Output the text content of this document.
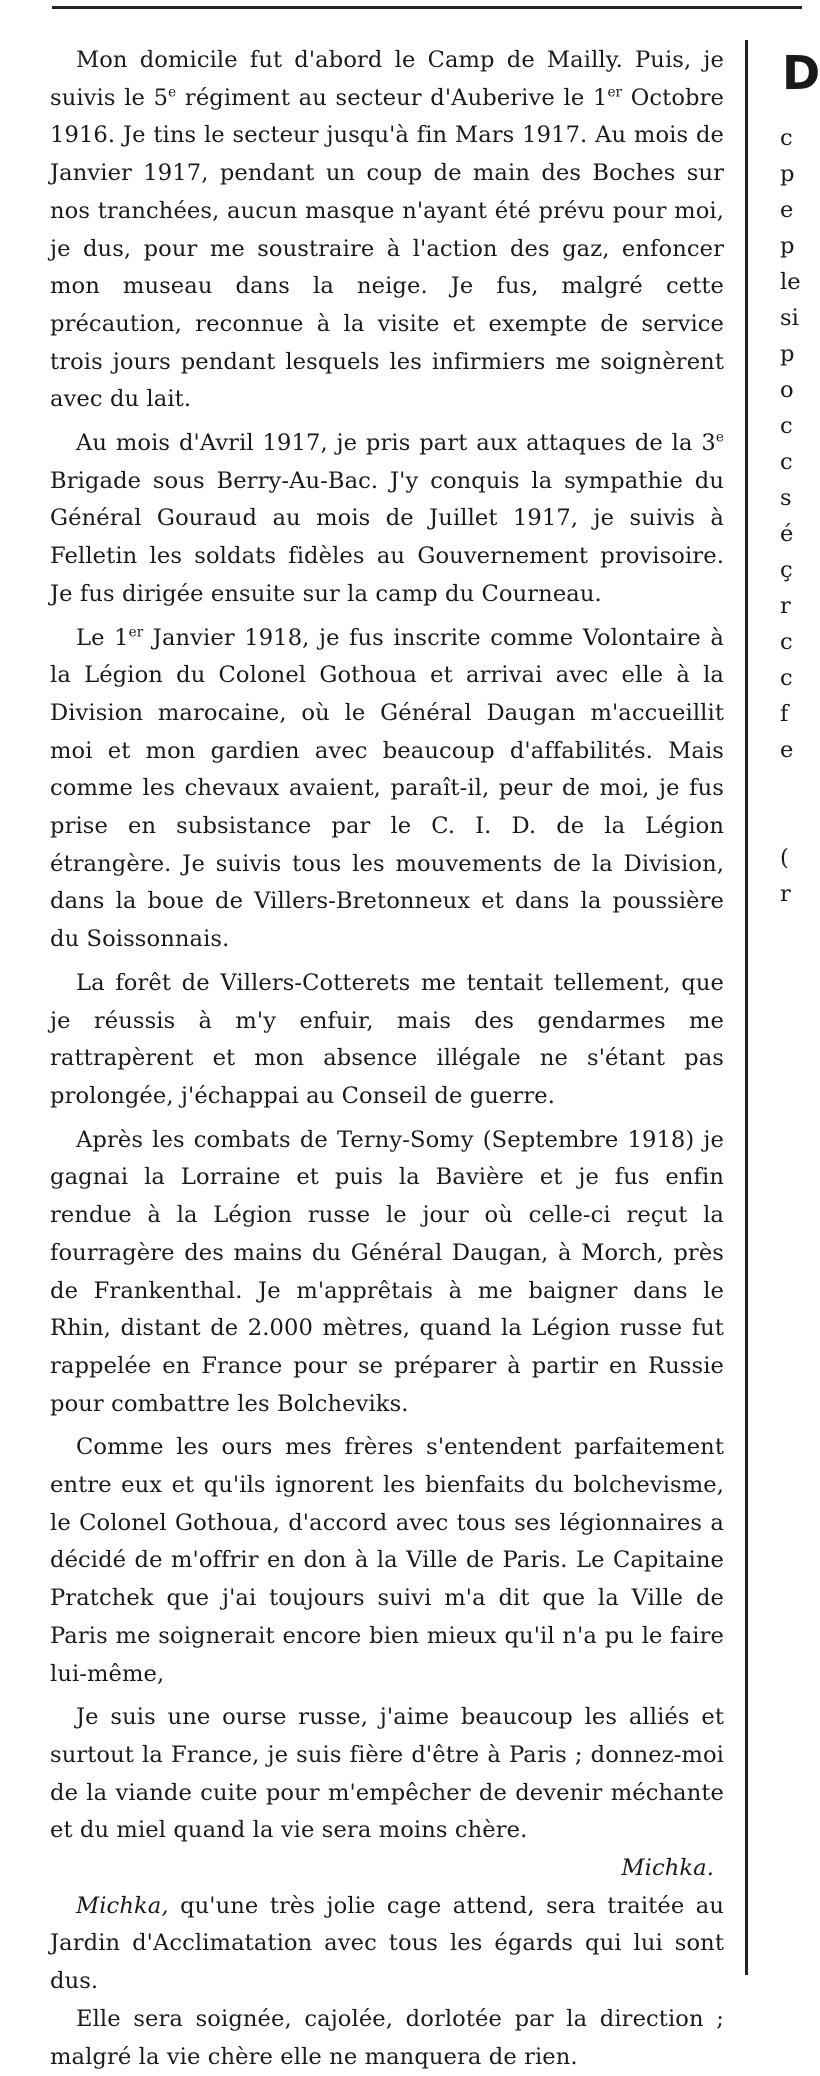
Mon domicile fut d'abord le Camp de Mailly. Puis, je suivis le 5e régiment au secteur d'Auberive le 1er Octobre 1916. Je tins le secteur jusqu'à fin Mars 1917. Au mois de Janvier 1917, pendant un coup de main des Boches sur nos tranchées, aucun masque n'ayant été prévu pour moi, je dus, pour me soustraire à l'action des gaz, enfoncer mon museau dans la neige. Je fus, malgré cette précaution, reconnue à la visite et exempte de service trois jours pendant lesquels les infirmiers me soignèrent avec du lait.

Au mois d'Avril 1917, je pris part aux attaques de la 3e Brigade sous Berry-Au-Bac. J'y conquis la sympathie du Général Gouraud au mois de Juillet 1917, je suivis à Felletin les soldats fidèles au Gouvernement provisoire. Je fus dirigée ensuite sur la camp du Courneau.

Le 1er Janvier 1918, je fus inscrite comme Volontaire à la Légion du Colonel Gothoua et arrivai avec elle à la Division marocaine, où le Général Daugan m'accueillit moi et mon gardien avec beaucoup d'affabilités. Mais comme les chevaux avaient, paraît-il, peur de moi, je fus prise en subsistance par le C. I. D. de la Légion étrangère. Je suivis tous les mouvements de la Division, dans la boue de Villers-Bretonneux et dans la poussière du Soissonnais.

La forêt de Villers-Cotterets me tentait tellement, que je réussis à m'y enfuir, mais des gendarmes me rattrapèrent et mon absence illégale ne s'étant pas prolongée, j'échappai au Conseil de guerre.

Après les combats de Terny-Somy (Septembre 1918) je gagnai la Lorraine et puis la Bavière et je fus enfin rendue à la Légion russe le jour où celle-ci reçut la fourragère des mains du Général Daugan, à Morch, près de Frankenthal. Je m'apprêtais à me baigner dans le Rhin, distant de 2.000 mètres, quand la Légion russe fut rappelée en France pour se préparer à partir en Russie pour combattre les Bolcheviks.

Comme les ours mes frères s'entendent parfaitement entre eux et qu'ils ignorent les bienfaits du bolchevisme, le Colonel Gothoua, d'accord avec tous ses légionnaires a décidé de m'offrir en don à la Ville de Paris. Le Capitaine Pratchek que j'ai toujours suivi m'a dit que la Ville de Paris me soignerait encore bien mieux qu'il n'a pu le faire lui-même,

Je suis une ourse russe, j'aime beaucoup les alliés et surtout la France, je suis fière d'être à Paris ; donnez-moi de la viande cuite pour m'empêcher de devenir méchante et du miel quand la vie sera moins chère.

Michka.

Michka, qu'une très jolie cage attend, sera traitée au Jardin d'Acclimatation avec tous les égards qui lui sont dus.

Elle sera soignée, cajolée, dorlotée par la direction ; malgré la vie chère elle ne manquera de rien.

D
c
p
e
p
le
si
p
o
c
c
s
é
ç
r
c
c
f
e
(
r
